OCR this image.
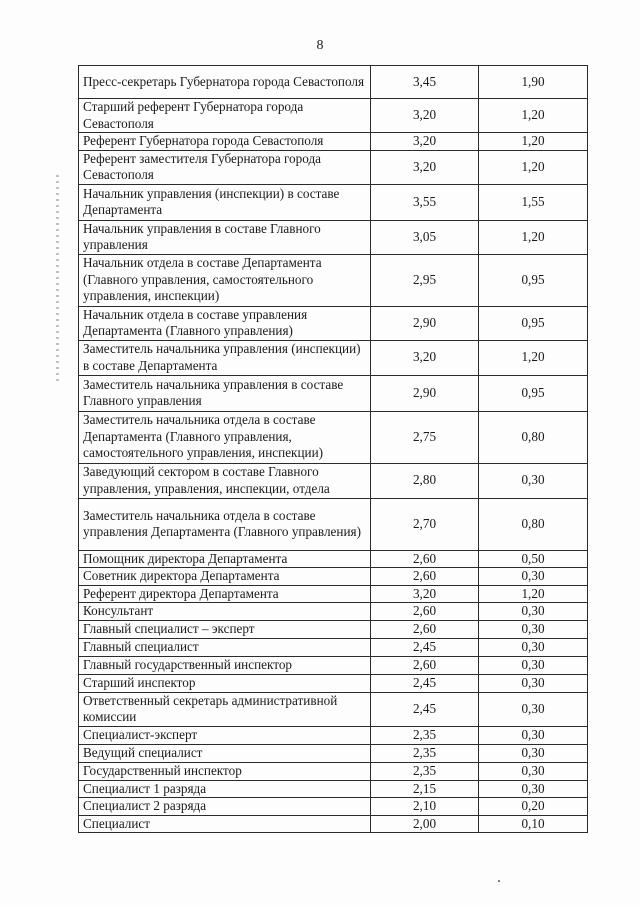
8
Пресс-секретарь Губернатора города Севастополя	3,45	1,90
Старший референт Губернатора города Севастополя	3,20	1,20
Референт Губернатора города Севастополя	3,20	1,20
Референт заместителя Губернатора города Севастополя	3,20	1,20
Начальник управления (инспекции) в составе Департамента	3,55	1,55
Начальник управления в составе Главного управления	3,05	1,20
Начальник отдела в составе Департамента (Главного управления, самостоятельного управления, инспекции)	2,95	0,95
Начальник отдела в составе управления Департамента (Главного управления)	2,90	0,95
Заместитель начальника управления (инспекции) в составе Департамента	3,20	1,20
Заместитель начальника управления в составе Главного управления	2,90	0,95
Заместитель начальника отдела в составе Департамента (Главного управления, самостоятельного управления, инспекции)	2,75	0,80
Заведующий сектором в составе Главного управления, управления, инспекции, отдела	2,80	0,30
Заместитель начальника отдела в составе управления Департамента (Главного управления)	2,70	0,80
Помощник директора Департамента	2,60	0,50
Советник директора Департамента	2,60	0,30
Референт директора Департамента	3,20	1,20
Консультант	2,60	0,30
Главный специалист – эксперт	2,60	0,30
Главный специалист	2,45	0,30
Главный государственный инспектор	2,60	0,30
Старший инспектор	2,45	0,30
Ответственный секретарь административной комиссии	2,45	0,30
Специалист-эксперт	2,35	0,30
Ведущий специалист	2,35	0,30
Государственный инспектор	2,35	0,30
Специалист 1 разряда	2,15	0,30
Специалист 2 разряда	2,10	0,20
Специалист	2,00	0,10
